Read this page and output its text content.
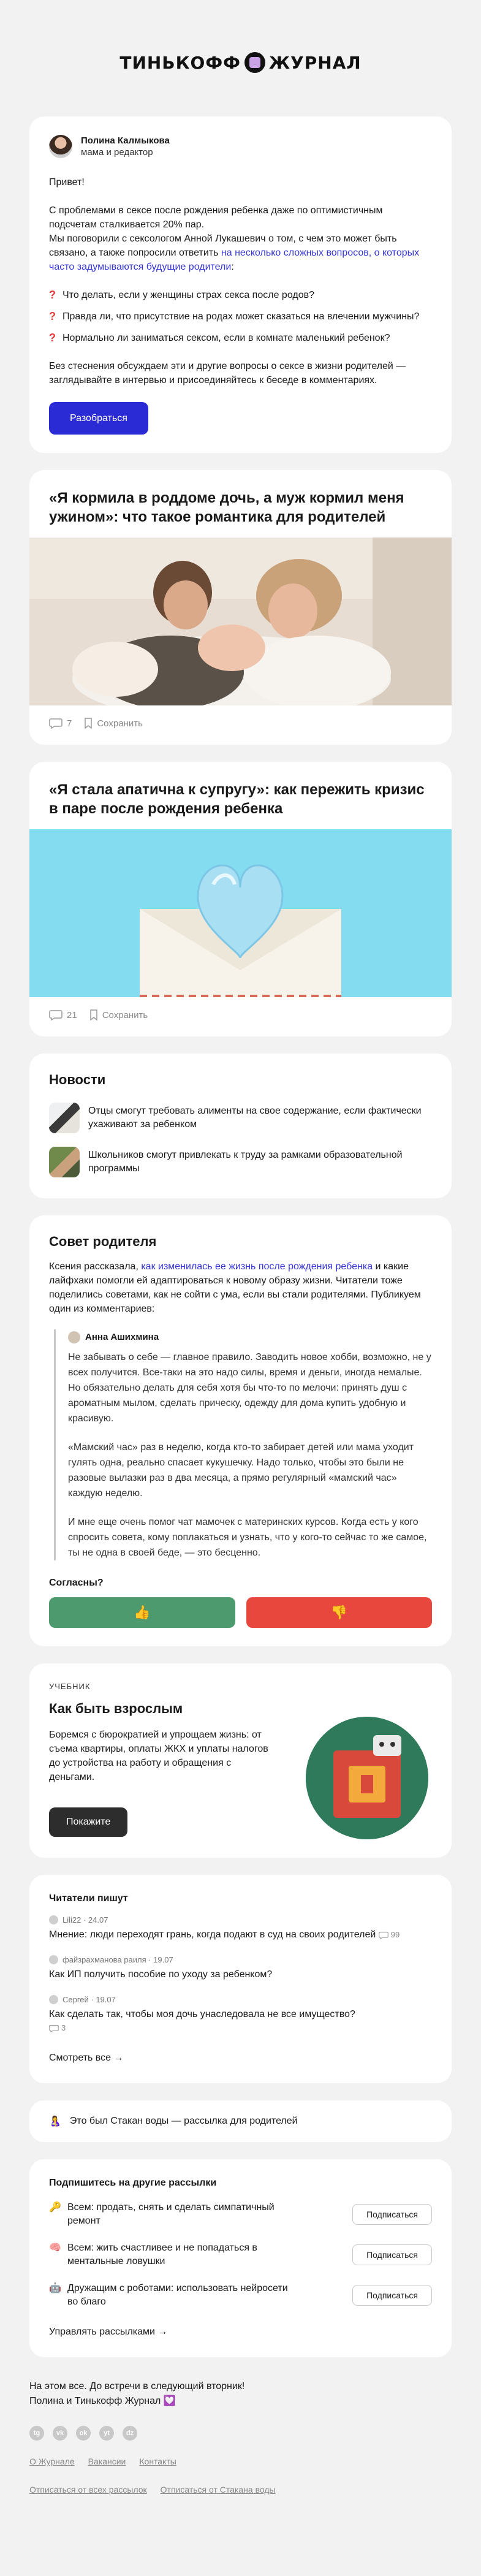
ТИНЬКОФФ ЖУРНАЛ
Полина Калмыкова
мама и редактор

Привет!

С проблемами в сексе после рождения ребенка даже по оптимистичным подсчетам сталкивается 20% пар.
Мы поговорили с сексологом Анной Лукашевич о том, с чем это может быть связано, а также попросили ответить на несколько сложных вопросов, о которых часто задумываются будущие родители:

? Что делать, если у женщины страх секса после родов?
? Правда ли, что присутствие на родах может сказаться на влечении мужчины?
? Нормально ли заниматься сексом, если в комнате маленький ребенок?

Без стеснения обсуждаем эти и другие вопросы о сексе в жизни родителей — заглядывайте в интервью и присоединяйтесь к беседе в комментариях.

Разобраться
«Я кормила в роддоме дочь, а муж кормил меня ужином»: что такое романтика для родителей
7	Сохранить
«Я стала апатична к супругу»: как пережить кризис в паре после рождения ребенка
21	Сохранить
Новости
Отцы смогут требовать алименты на свое содержание, если фактически ухаживают за ребенком
Школьников смогут привлекать к труду за рамками образовательной программы
Совет родителя

Ксения рассказала, как изменилась ее жизнь после рождения ребенка и какие лайфхаки помогли ей адаптироваться к новому образу жизни. Читатели тоже поделились советами, как не сойти с ума, если вы стали родителями. Публикуем один из комментариев:

Анна Ашихмина

Не забывать о себе — главное правило. Заводить новое хобби, возможно, не у всех получится. Все-таки на это надо силы, время и деньги, иногда немалые. Но обязательно делать для себя хотя бы что-то по мелочи: принять душ с ароматным мылом, сделать прическу, одежду для дома купить удобную и красивую.

«Мамский час» раз в неделю, когда кто-то забирает детей или мама уходит гулять одна, реально спасает кукушечку. Надо только, чтобы это были не разовые вылазки раз в два месяца, а прямо регулярный «мамский час» каждую неделю.

И мне еще очень помог чат мамочек с материнских курсов. Когда есть у кого спросить совета, кому поплакаться и узнать, что у кого-то сейчас то же самое, ты не одна в своей беде, — это бесценно.

Согласны?
👍	👎
УЧЕБНИК
Как быть взрослым

Боремся с бюрократией и упрощаем жизнь: от съема квартиры, оплаты ЖКХ и уплаты налогов до устройства на работу и обращения с деньгами.

Покажите
Читатели пишут
Lili22 · 24.07
Мнение: люди переходят грань, когда подают в суд на своих родителей 99
файзрахманова раиля · 19.07
Как ИП получить пособие по уходу за ребенком?
Сергей · 19.07
Как сделать так, чтобы моя дочь унаследовала не все имущество?

3
Смотреть все →
🤱 Это был Стакан воды — рассылка для родителей
Подпишитесь на другие рассылки
🔑 Всем: продать, снять и сделать симпатичный ремонт
Подписаться
🧠 Всем: жить счастливее и не попадаться в ментальные ловушки
Подписаться
🤖 Дружащим с роботами: использовать нейросети во благо
Подписаться
Управлять рассылками →
На этом все. До встречи в следующий вторник!
Полина и Тинькофф Журнал 💟
tg	vk	ok	yt	dz
О Журнале Вакансии Контакты
Отписаться от всех рассылок Отписаться от Стакана воды
